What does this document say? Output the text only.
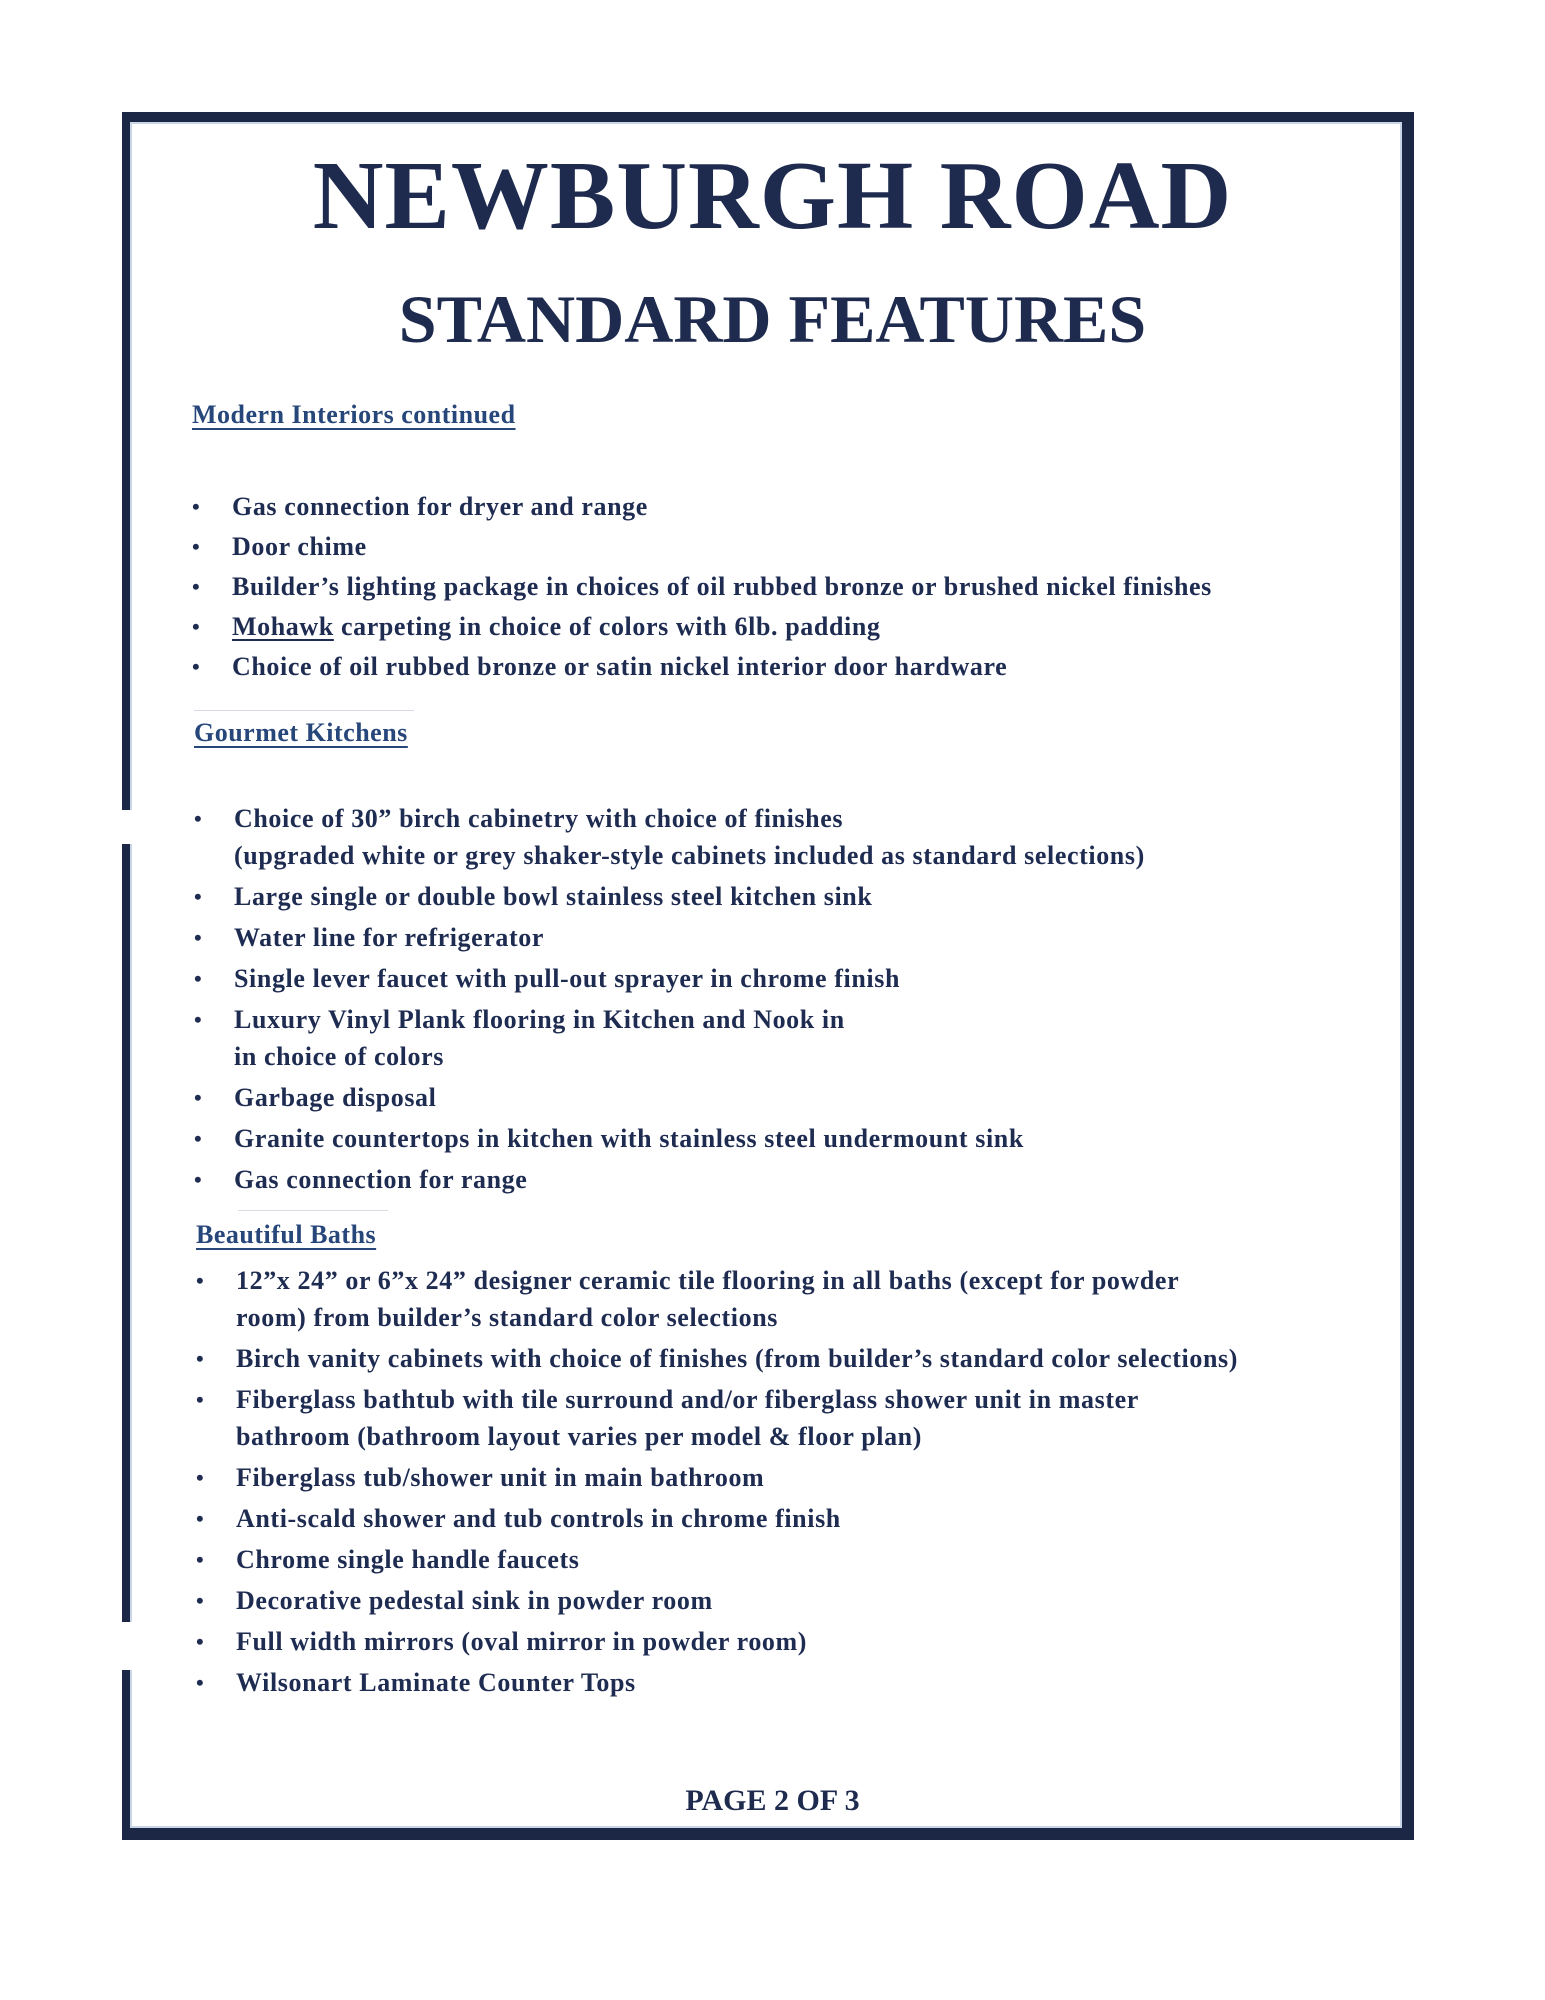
NEWBURGH ROAD
STANDARD FEATURES
Modern Interiors continued
• Gas connection for dryer and range
• Door chime
• Builder’s lighting package in choices of oil rubbed bronze or brushed nickel finishes
• Mohawk carpeting in choice of colors with 6lb. padding
• Choice of oil rubbed bronze or satin nickel interior door hardware
Gourmet Kitchens
• Choice of 30” birch cabinetry with choice of finishes
(upgraded white or grey shaker-style cabinets included as standard selections)
• Large single or double bowl stainless steel kitchen sink
• Water line for refrigerator
• Single lever faucet with pull-out sprayer in chrome finish
• Luxury Vinyl Plank flooring in Kitchen and Nook in
in choice of colors
• Garbage disposal
• Granite countertops in kitchen with stainless steel undermount sink
• Gas connection for range
Beautiful Baths
• 12”x 24” or 6”x 24” designer ceramic tile flooring in all baths (except for powder
room) from builder’s standard color selections
• Birch vanity cabinets with choice of finishes (from builder’s standard color selections)
• Fiberglass bathtub with tile surround and/or fiberglass shower unit in master
bathroom (bathroom layout varies per model & floor plan)
• Fiberglass tub/shower unit in main bathroom
• Anti-scald shower and tub controls in chrome finish
• Chrome single handle faucets
• Decorative pedestal sink in powder room
• Full width mirrors (oval mirror in powder room)
• Wilsonart Laminate Counter Tops

PAGE 2 OF 3
